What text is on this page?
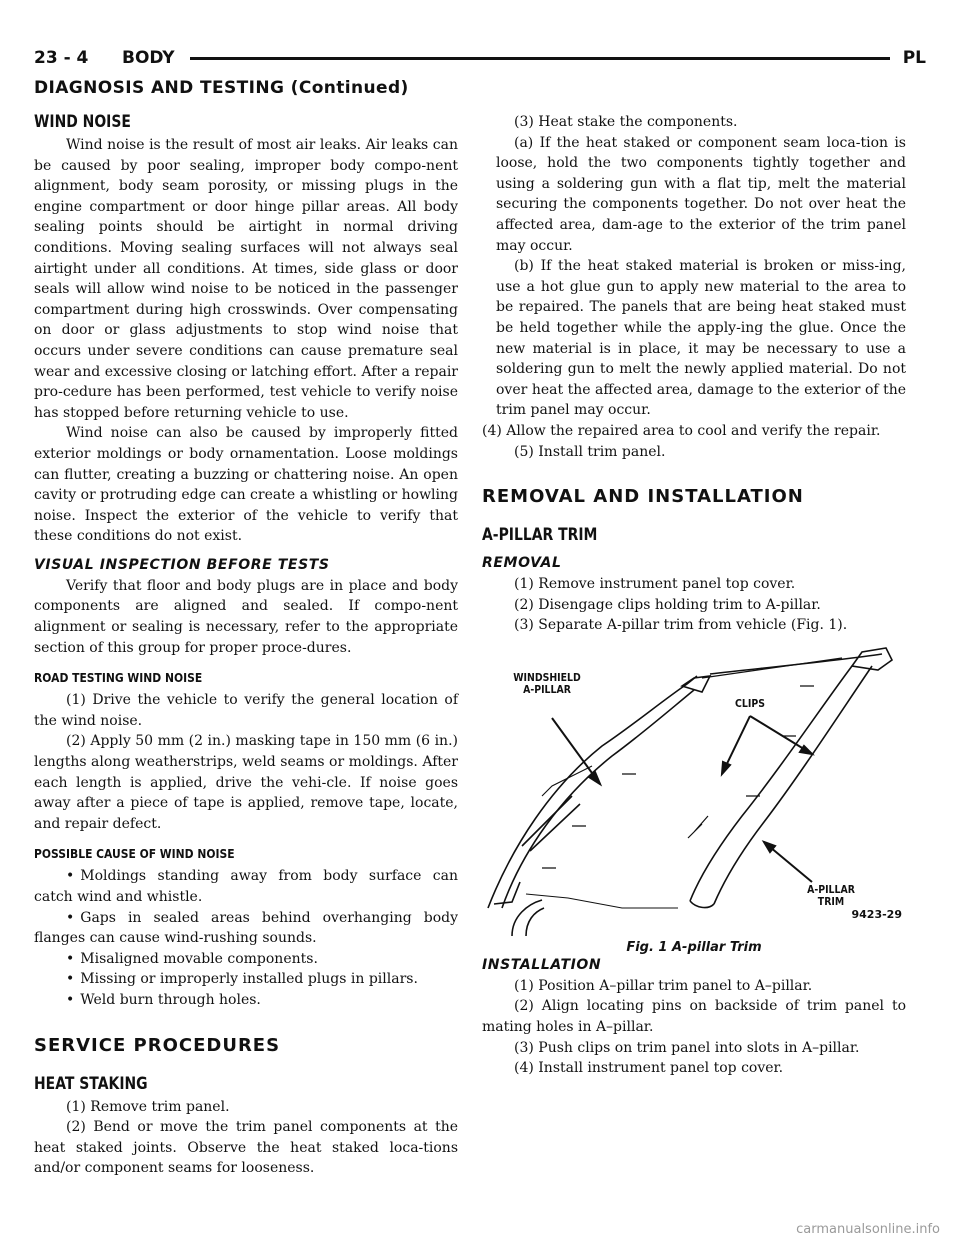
23 - 4 BODY	PL
DIAGNOSIS AND TESTING (Continued)
WIND NOISE

Wind noise is the result of most air leaks. Air leaks can be caused by poor sealing, improper body compo-nent alignment, body seam porosity, or missing plugs in the engine compartment or door hinge pillar areas. All body sealing points should be airtight in normal driving conditions. Moving sealing surfaces will not always seal airtight under all conditions. At times, side glass or door seals will allow wind noise to be noticed in the passenger compartment during high crosswinds. Over compensating on door or glass adjustments to stop wind noise that occurs under severe conditions can cause premature seal wear and excessive closing or latching effort. After a repair pro-cedure has been performed, test vehicle to verify noise has stopped before returning vehicle to use.

Wind noise can also be caused by improperly fitted exterior moldings or body ornamentation. Loose moldings can flutter, creating a buzzing or chattering noise. An open cavity or protruding edge can create a whistling or howling noise. Inspect the exterior of the vehicle to verify that these conditions do not exist.

VISUAL INSPECTION BEFORE TESTS

Verify that floor and body plugs are in place and body components are aligned and sealed. If compo-nent alignment or sealing is necessary, refer to the appropriate section of this group for proper proce-dures.

ROAD TESTING WIND NOISE

(1) Drive the vehicle to verify the general location of the wind noise.

(2) Apply 50 mm (2 in.) masking tape in 150 mm (6 in.) lengths along weatherstrips, weld seams or moldings. After each length is applied, drive the vehi-cle. If noise goes away after a piece of tape is applied, remove tape, locate, and repair defect.

POSSIBLE CAUSE OF WIND NOISE
• Moldings standing away from body surface can catch wind and whistle.
• Gaps in sealed areas behind overhanging body flanges can cause wind-rushing sounds.
• Misaligned movable components.
• Missing or improperly installed plugs in pillars.
• Weld burn through holes.
SERVICE PROCEDURES
HEAT STAKING

(1) Remove trim panel.

(2) Bend or move the trim panel components at the heat staked joints. Observe the heat staked loca-tions and/or component seams for looseness.

(3) Heat stake the components.

(a) If the heat staked or component seam loca-tion is loose, hold the two components tightly together and using a soldering gun with a flat tip, melt the material securing the components together. Do not over heat the affected area, dam-age to the exterior of the trim panel may occur.

(b) If the heat staked material is broken or miss-ing, use a hot glue gun to apply new material to the area to be repaired. The panels that are being heat staked must be held together while the apply-ing the glue. Once the new material is in place, it may be necessary to use a soldering gun to melt the newly applied material. Do not over heat the affected area, damage to the exterior of the trim panel may occur.

(4) Allow the repaired area to cool and verify the repair.

(5) Install trim panel.

REMOVAL AND INSTALLATION
A-PILLAR TRIM
REMOVAL

(1) Remove instrument panel top cover.

(2) Disengage clips holding trim to A-pillar.

(3) Separate A-pillar trim from vehicle (Fig. 1).

WINDSHIELD
A-PILLAR
CLIPS
A-PILLAR
TRIM
9423-29
Fig. 1 A-pillar Trim
INSTALLATION

(1) Position A–pillar trim panel to A–pillar.

(2) Align locating pins on backside of trim panel to mating holes in A–pillar.

(3) Push clips on trim panel into slots in A–pillar.

(4) Install instrument panel top cover.

carmanualsonline.info
